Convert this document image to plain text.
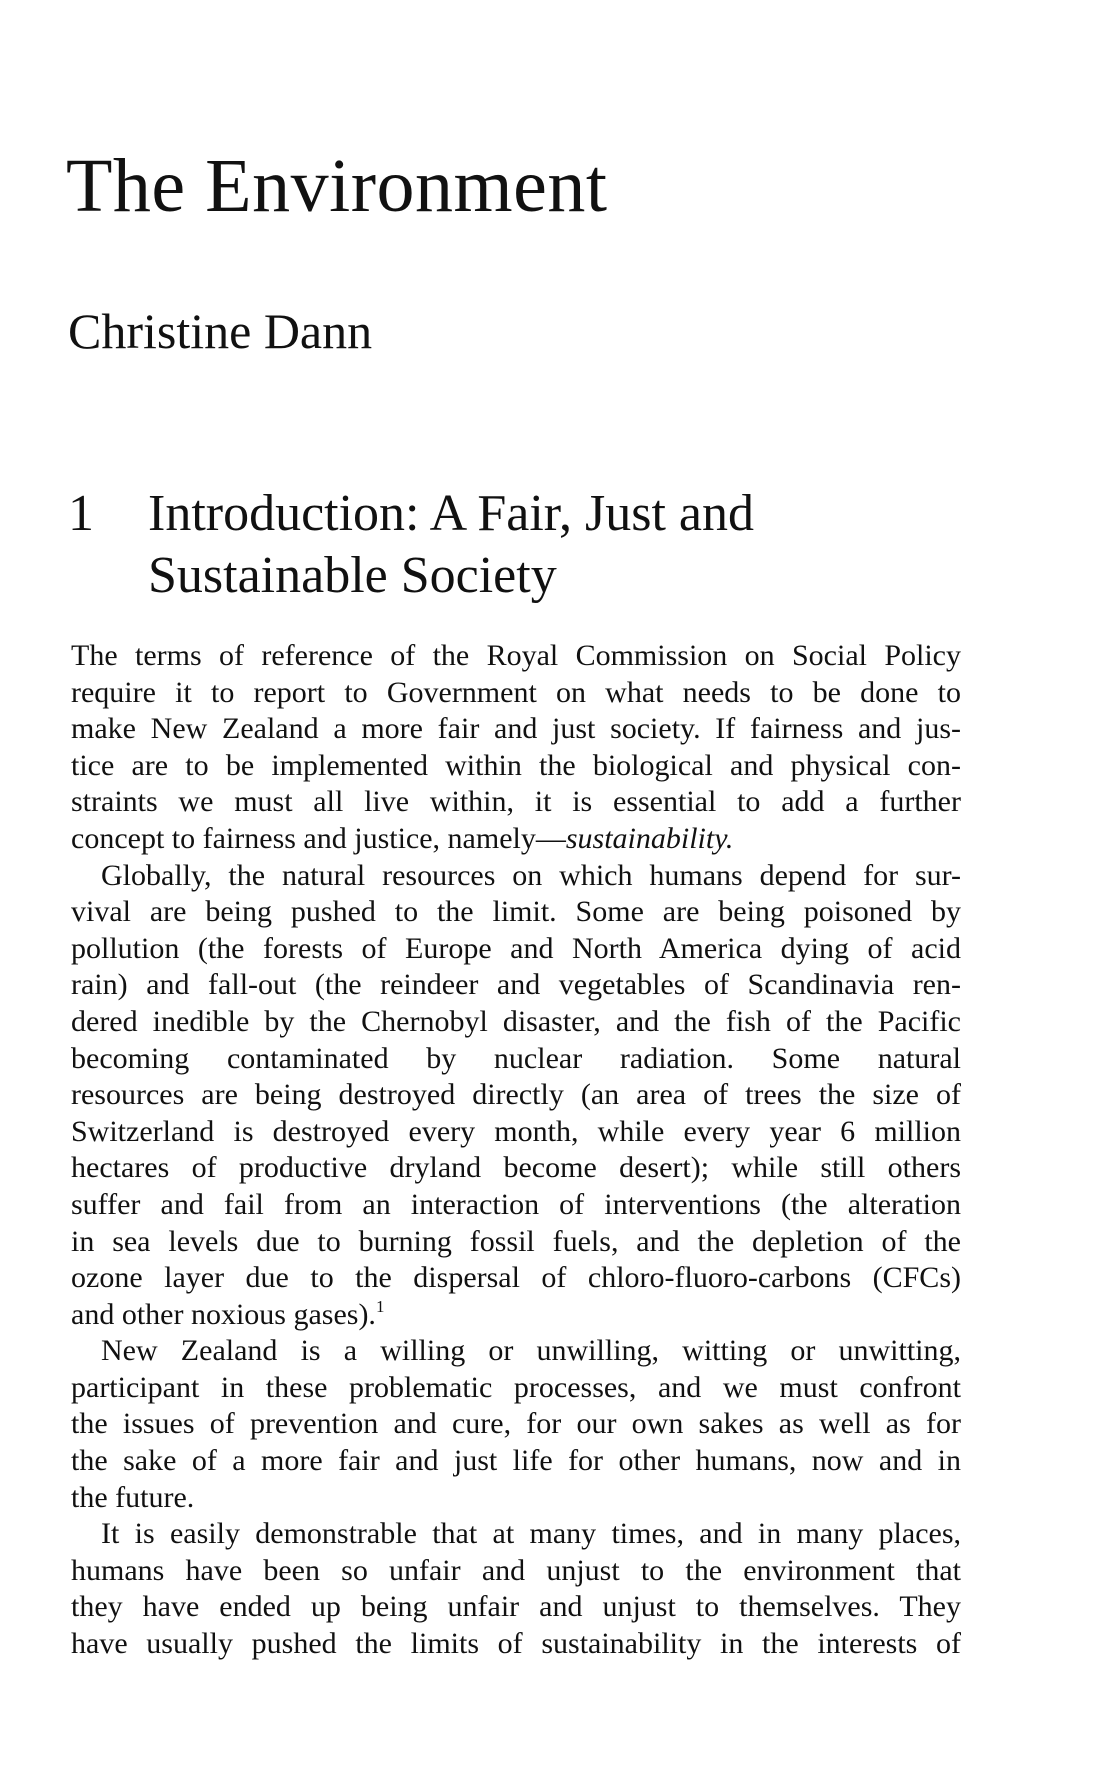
The Environment
Christine Dann
1 Introduction: A Fair, Just and
Sustainable Society
The terms of reference of the Royal Commission on Social Policy
require it to report to Government on what needs to be done to
make New Zealand a more fair and just society. If fairness and jus-
tice are to be implemented within the biological and physical con-
straints we must all live within, it is essential to add a further
concept to fairness and justice, namely—sustainability.
Globally, the natural resources on which humans depend for sur-
vival are being pushed to the limit. Some are being poisoned by
pollution (the forests of Europe and North America dying of acid
rain) and fall-out (the reindeer and vegetables of Scandinavia ren-
dered inedible by the Chernobyl disaster, and the fish of the Pacific
becoming contaminated by nuclear radiation. Some natural
resources are being destroyed directly (an area of trees the size of
Switzerland is destroyed every month, while every year 6 million
hectares of productive dryland become desert); while still others
suffer and fail from an interaction of interventions (the alteration
in sea levels due to burning fossil fuels, and the depletion of the
ozone layer due to the dispersal of chloro-fluoro-carbons (CFCs)
and other noxious gases).$^1$
New Zealand is a willing or unwilling, witting or unwitting,
participant in these problematic processes, and we must confront
the issues of prevention and cure, for our own sakes as well as for
the sake of a more fair and just life for other humans, now and in
the future.
It is easily demonstrable that at many times, and in many places,
humans have been so unfair and unjust to the environment that
they have ended up being unfair and unjust to themselves. They
have usually pushed the limits of sustainability in the interests of
